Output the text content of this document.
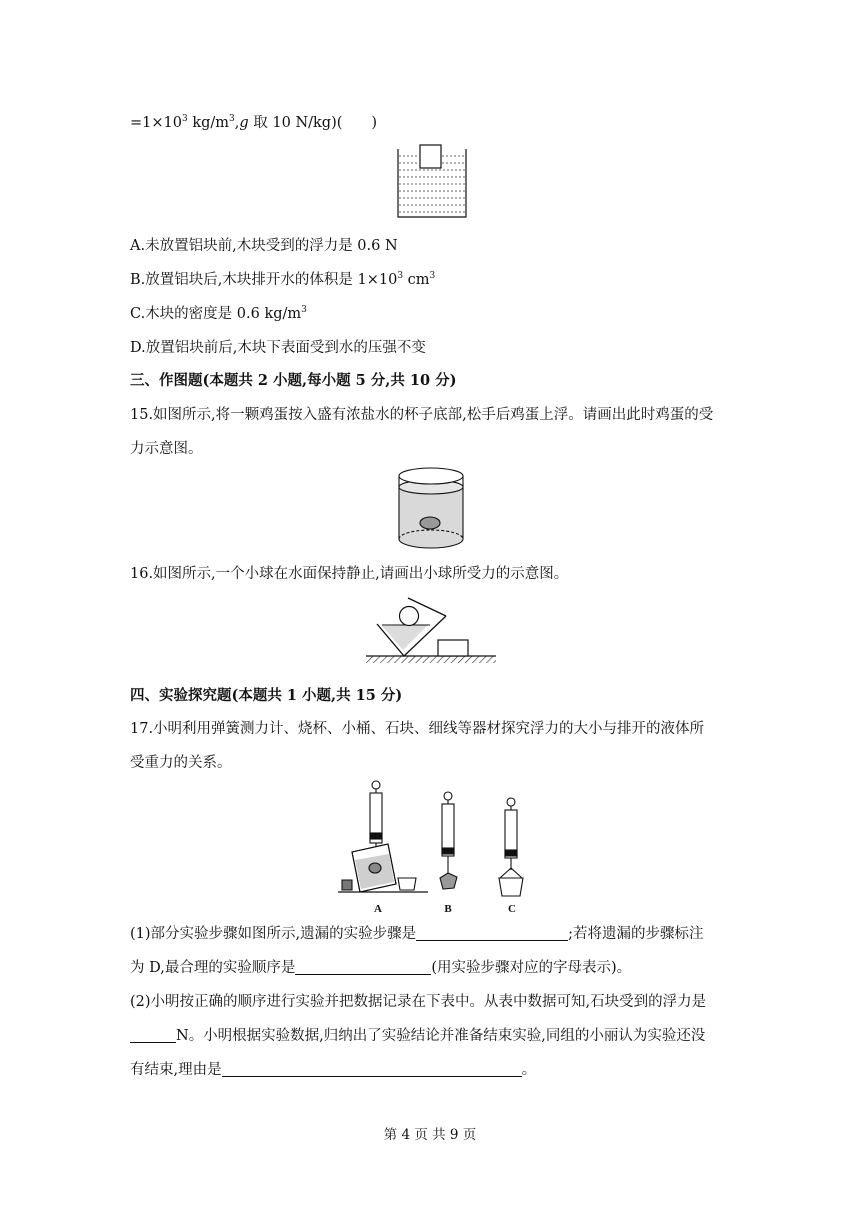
$=1\times 10^3$ $kg/m^3,g$ 取 10 N/kg)(　　)
A.未放置铝块前,木块受到的浮力是 0.6 N
B.放置铝块后,木块排开水的体积是 $1\times 10^3$ $cm^3$
C.木块的密度是 0.6 $kg/m^3$
D.放置铝块前后,木块下表面受到水的压强不变
三、作图题(本题共 2 小题,每小题 5 分,共 10 分)
15.如图所示,将一颗鸡蛋按入盛有浓盐水的杯子底部,松手后鸡蛋上浮。请画出此时鸡蛋的受
力示意图。
16.如图所示,一个小球在水面保持静止,请画出小球所受力的示意图。
四、实验探究题(本题共 1 小题,共 15 分)
17.小明利用弹簧测力计、烧杯、小桶、石块、细线等器材探究浮力的大小与排开的液体所
受重力的关系。
A	B	C
(1)部分实验步骤如图所示,遗漏的实验步骤是	;若将遗漏的步骤标注
为 D,最合理的实验顺序是	(用实验步骤对应的字母表示)。
(2)小明按正确的顺序进行实验并把数据记录在下表中。从表中数据可知,石块受到的浮力是
N。小明根据实验数据,归纳出了实验结论并准备结束实验,同组的小丽认为实验还没
有结束,理由是	。
第 4 页 共 9 页
